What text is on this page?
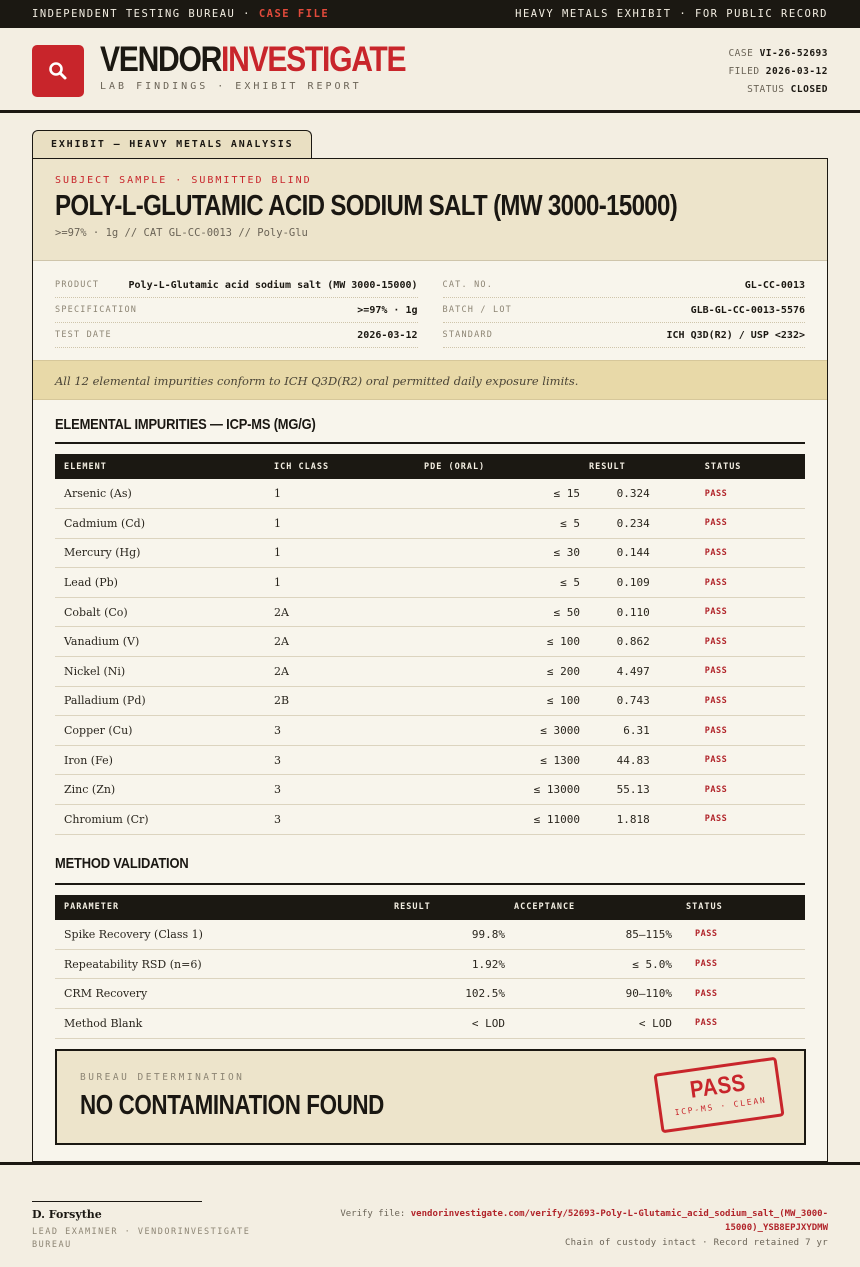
INDEPENDENT TESTING BUREAU · CASE FILE	HEAVY METALS EXHIBIT · FOR PUBLIC RECORD
VENDORINVESTIGATE
LAB FINDINGS · EXHIBIT REPORT
CASE VI-26-52693
FILED 2026-03-12
STATUS CLOSED
EXHIBIT — HEAVY METALS ANALYSIS
SUBJECT SAMPLE · SUBMITTED BLIND
POLY-L-GLUTAMIC ACID SODIUM SALT (MW 3000-15000)
>=97% · 1g // CAT GL-CC-0013 // Poly-Glu
PRODUCT	Poly-L-Glutamic acid sodium salt (MW 3000-15000)
SPECIFICATION	>=97% · 1g
TEST DATE	2026-03-12
CAT. NO.	GL-CC-0013
BATCH / LOT	GLB-GL-CC-0013-5576
STANDARD	ICH Q3D(R2) / USP <232>
All 12 elemental impurities conform to ICH Q3D(R2) oral permitted daily exposure limits.
ELEMENTAL IMPURITIES — ICP-MS (ΜG/G)
ELEMENT	ICH CLASS	PDE (ORAL)	RESULT	STATUS
Arsenic (As)	1	≤ 15	0.324	PASS
Cadmium (Cd)	1	≤ 5	0.234	PASS
Mercury (Hg)	1	≤ 30	0.144	PASS
Lead (Pb)	1	≤ 5	0.109	PASS
Cobalt (Co)	2A	≤ 50	0.110	PASS
Vanadium (V)	2A	≤ 100	0.862	PASS
Nickel (Ni)	2A	≤ 200	4.497	PASS
Palladium (Pd)	2B	≤ 100	0.743	PASS
Copper (Cu)	3	≤ 3000	6.31	PASS
Iron (Fe)	3	≤ 1300	44.83	PASS
Zinc (Zn)	3	≤ 13000	55.13	PASS
Chromium (Cr)	3	≤ 11000	1.818	PASS
METHOD VALIDATION
PARAMETER	RESULT	ACCEPTANCE	STATUS
Spike Recovery (Class 1)	99.8%	85–115%	PASS
Repeatability RSD (n=6)	1.92%	≤ 5.0%	PASS
CRM Recovery	102.5%	90–110%	PASS
Method Blank	< LOD	< LOD	PASS
BUREAU DETERMINATION
NO CONTAMINATION FOUND
PASS
ICP-MS · CLEAN
D. Forsythe
LEAD EXAMINER · VENDORINVESTIGATE BUREAU
Verify file: vendorinvestigate.com/verify/52693-Poly-L-Glutamic_acid_sodium_salt_(MW_3000-15000)_YSB8EPJXYDMW
Chain of custody intact · Record retained 7 yr
